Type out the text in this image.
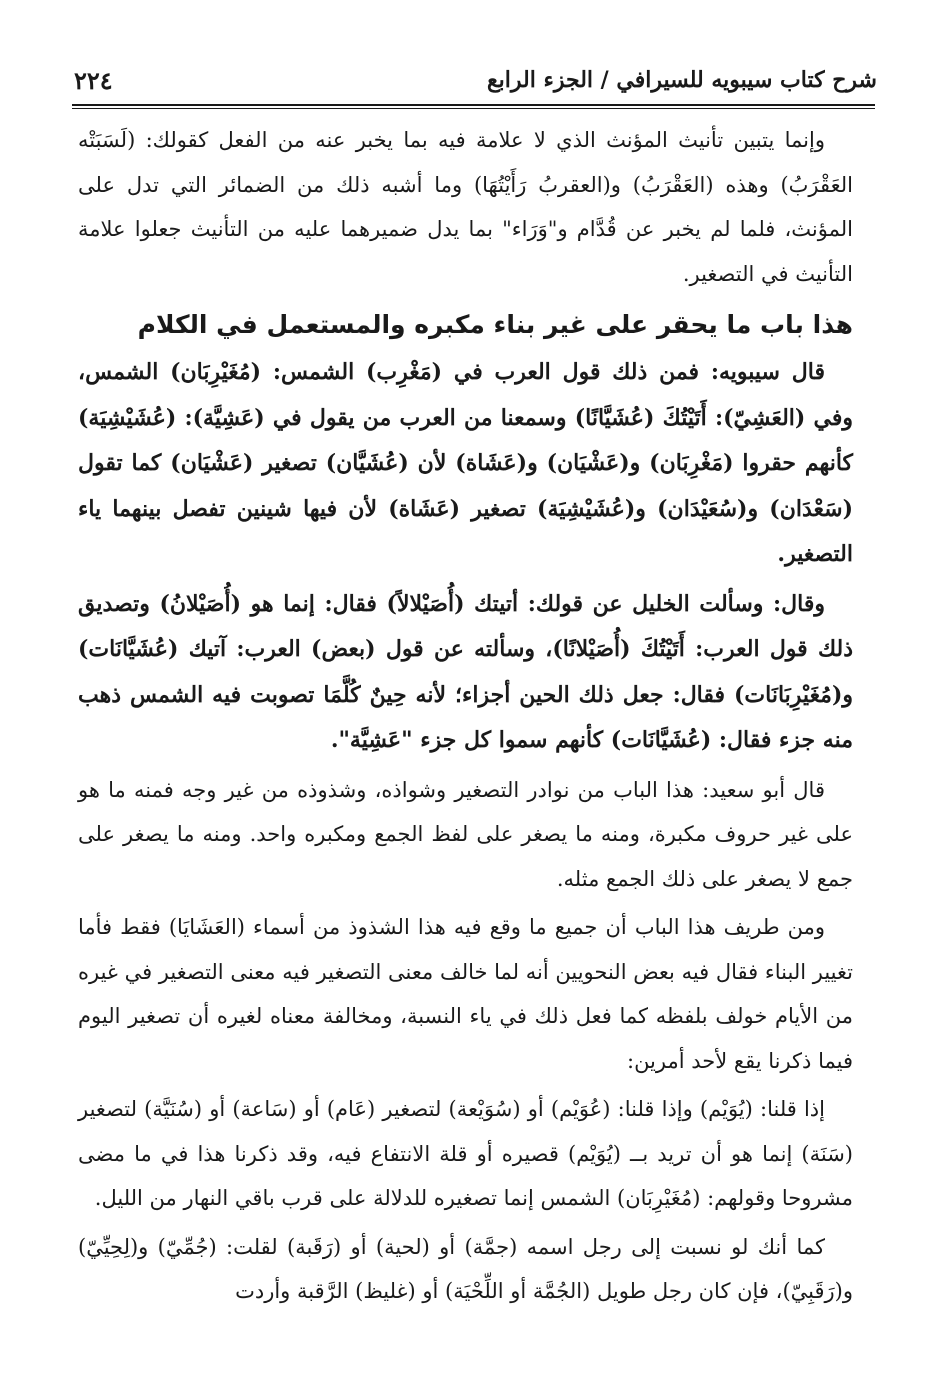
٢٢٤	شرح كتاب سيبويه للسيرافي / الجزء الرابع

وإنما يتبين تأنيث المؤنث الذي لا علامة فيه بما يخبر عنه من الفعل كقولك: (لَسَبَتْه العَقْرَبُ) وهذه (العَقْرَبُ) و(العقربُ رَأَيْتُهَا) وما أشبه ذلك من الضمائر التي تدل على المؤنث، فلما لم يخبر عن قُدَّام و"وَرَاء" بما يدل ضميرهما عليه من التأنيث جعلوا علامة التأنيث في التصغير.

هذا باب ما يحقر على غير بناء مكبره والمستعمل في الكلام

قال سيبويه: فمن ذلك قول العرب في (مَغْرِب) الشمس: (مُغَيْرِبَان) الشمس، وفي (العَشِيّ): أَتَيْتُكَ (عُشَيَّانًا) وسمعنا من العرب من يقول في (عَشِيَّة): (عُشَيْشِيَة) كأنهم حقروا (مَغْرِبَان) و(عَشْيَان) و(عَشَاة) لأن (عُشَيَّان) تصغير (عَشْيَان) كما تقول (سَعْدَان) و(سُعَيْدَان) و(عُشَيْشِيَة) تصغير (عَشَاة) لأن فيها شينين تفصل بينهما ياء التصغير.

وقال: وسألت الخليل عن قولك: أتيتك (أُصَيْلالاً) فقال: إنما هو (أُصَيْلانُ) وتصديق ذلك قول العرب: أَتَيْتُكَ (أُصَيْلانًا)، وسألته عن قول (بعض) العرب: آتيك (عُشَيَّانَات) و(مُغَيْرِبَانَات) فقال: جعل ذلك الحين أجزاء؛ لأنه حِينٌ كُلَّمَا تصوبت فيه الشمس ذهب منه جزء فقال: (عُشَيَّانَات) كأنهم سموا كل جزء "عَشِيَّة".

قال أبو سعيد: هذا الباب من نوادر التصغير وشواذه، وشذوذه من غير وجه فمنه ما هو على غير حروف مكبرة، ومنه ما يصغر على لفظ الجمع ومكبره واحد. ومنه ما يصغر على جمع لا يصغر على ذلك الجمع مثله.

ومن طريف هذا الباب أن جميع ما وقع فيه هذا الشذوذ من أسماء (العَشَايَا) فقط فأما تغيير البناء فقال فيه بعض النحويين أنه لما خالف معنى التصغير فيه معنى التصغير في غيره من الأيام خولف بلفظه كما فعل ذلك في ياء النسبة، ومخالفة معناه لغيره أن تصغير اليوم فيما ذكرنا يقع لأحد أمرين:

إذا قلنا: (يُوَيْم) وإذا قلنا: (عُوَيْم) أو (سُوَيْعة) لتصغير (عَام) أو (سَاعة) أو (سُنَيَّة) لتصغير (سَنَة) إنما هو أن تريد بــ (يُوَيْم) قصيره أو قلة الانتفاع فيه، وقد ذكرنا هذا في ما مضى مشروحا وقولهم: (مُغَيْرِبَان) الشمس إنما تصغيره للدلالة على قرب باقي النهار من الليل.

كما أنك لو نسبت إلى رجل اسمه (جمَّة) أو (لحية) أو (رَقَبة) لقلت: (جُمِّيّ) و(لِحِيِّيّ) و(رَقَبِيّ)، فإن كان رجل طويل (الجُمَّة أو اللِّحْيَة) أو (غليظ) الرَّقبة وأردت
